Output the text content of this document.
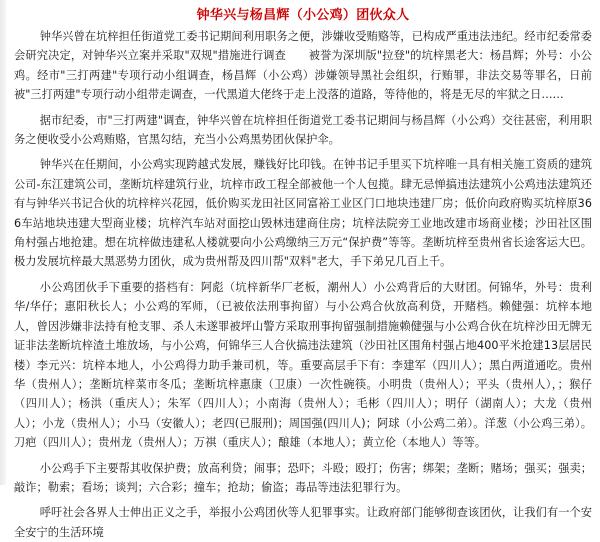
钟华兴与杨昌辉（小公鸡）团伙众人

钟华兴曾在坑梓担任街道党工委书记期间利用职务之便，涉嫌收受贿赂等，已构成严重违法违纪。经市纪委常委会研究决定，对钟华兴立案并采取"双规"措施进行调查　　被誉为深圳版"拉登"的坑梓黑老大：杨昌辉；外号：小公鸡。经市"三打两建"专项行动小组调查，杨昌辉（小公鸡）涉嫌领导黑社会组织，行贿罪，非法交易等罪名，日前被"三打两建"专项行动小组带走调查，一代黑道大佬终于走上没落的道路，等待他的，将是无尽的牢狱之日……

据市纪委，市"三打两建"调查，钟华兴曾在坑梓担任街道党工委书记期间与杨昌辉（小公鸡）交往甚密，利用职务之便收受小公鸡贿赂，官黑勾结，充当小公鸡黑势团伙保护伞。

钟华兴在任期间，小公鸡实现跨越式发展，赚钱好比印钱。在钟书记手里买下坑梓唯一具有相关施工资质的建筑公司-东江建筑公司，垄断坑梓建筑行业，坑梓市政工程全部被他一个人包揽。肆无忌惮搞违法建筑小公鸡违法建筑还有与钟华兴书记合伙的坑梓梓兴花园，低价购买龙田社区同富裕工业区门口地块违建厂房；低价向政府购买坑梓原366车站地块违建大型商业楼；坑梓汽车站对面挖山毁林违建商住房；坑梓法院旁工业地改建市场商业楼；沙田社区围角村强占地抢建。想在坑梓做违建私人楼就要向小公鸡缴纳三万元“保护费”等等。垄断坑梓至贵州省长途客运大巴。极力发展坑梓最大黑恶势力团伙，成为贵州帮及四川帮"双料"老大，手下弟兄几百上千。

小公鸡团伙手下重要的搭档有：阿彪（坑梓新华厂老板，潮州人）小公鸡背后的大财团。何锦华，外号：贵利华/华仔；惠阳秋长人；小公鸡的军师，（已被依法刑事拘留）与小公鸡合伙放高利贷，开赌档。赖健强：坑梓本地人，曾因涉嫌非法持有枪支罪、杀人未遂罪被坪山警方采取刑事拘留强制措施赖健强与小公鸡合伙在坑梓沙田无牌无证非法垄断坑梓渣土堆放场，与小公鸡，何锦华三人合伙搞违法建筑（沙田社区围角村强占地400平米抢建13层居民楼）李元兴：坑梓本地人，小公鸡得力助手兼司机，等。重要高层手下有：李建军（四川人）；黑白两道通吃。贵州华（贵州人）；垄断坑梓菜市冬瓜；垄断坑梓惠康（卫康）一次性碗筷。小明贵（贵州人）；平头（贵州人），；猴仔（四川人）；杨洪（重庆人）；朱军（四川人）；小南海（贵州人）；毛彬（四川人）；明仔（湖南人）；大龙（贵州人）；小龙（贵州人）；小马（安徽人）；老四(已服刑)；周国强(四川人)；阿球（小公鸡二弟）。洋葱（小公鸡三弟）。刀疤（四川人）；贵州龙（贵州人）；万祺（重庆人）；酿雄（本地人）；黄立伦（本地人）等等。

小公鸡手下主要帮其收保护费；放高利贷；闹事；恐吓；斗殴；殴打；伤害；绑架；垄断；赌场；强买；强卖；敲诈；勒索；看场；谈判；六合彩；撞车；抢劫；偷盗；毒品等违法犯罪行为。

呼吁社会各界人士伸出正义之手，举报小公鸡团伙等人犯罪事实。让政府部门能够彻查该团伙，让我们有一个安全安宁的生活环境
